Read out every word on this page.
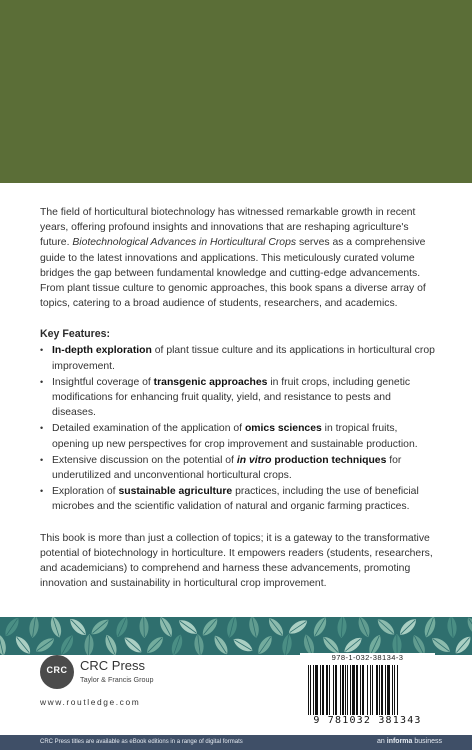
The field of horticultural biotechnology has witnessed remarkable growth in recent years, offering profound insights and innovations that are reshaping agriculture's future. Biotechnological Advances in Horticultural Crops serves as a comprehensive guide to the latest innovations and applications. This meticulously curated volume bridges the gap between fundamental knowledge and cutting-edge advancements. From plant tissue culture to genomic approaches, this book spans a diverse array of topics, catering to a broad audience of students, researchers, and academics.

Key Features:
• In-depth exploration of plant tissue culture and its applications in horticultural crop improvement.
• Insightful coverage of transgenic approaches in fruit crops, including genetic modifications for enhancing fruit quality, yield, and resistance to pests and diseases.
• Detailed examination of the application of omics sciences in tropical fruits, opening up new perspectives for crop improvement and sustainable production.
• Extensive discussion on the potential of in vitro production techniques for underutilized and unconventional horticultural crops.
• Exploration of sustainable agriculture practices, including the use of beneficial microbes and the scientific validation of natural and organic farming practices.

This book is more than just a collection of topics; it is a gateway to the transformative potential of biotechnology in horticulture. It empowers readers (students, researchers, and academicians) to comprehend and harness these advancements, promoting innovation and sustainability in horticultural crop improvement.

CRC CRC Press
Taylor & Francis Group
www.routledge.com
978-1-032-38134-3
9 781032 381343
CRC Press titles are available as eBook editions in a range of digital formats	an informa business
